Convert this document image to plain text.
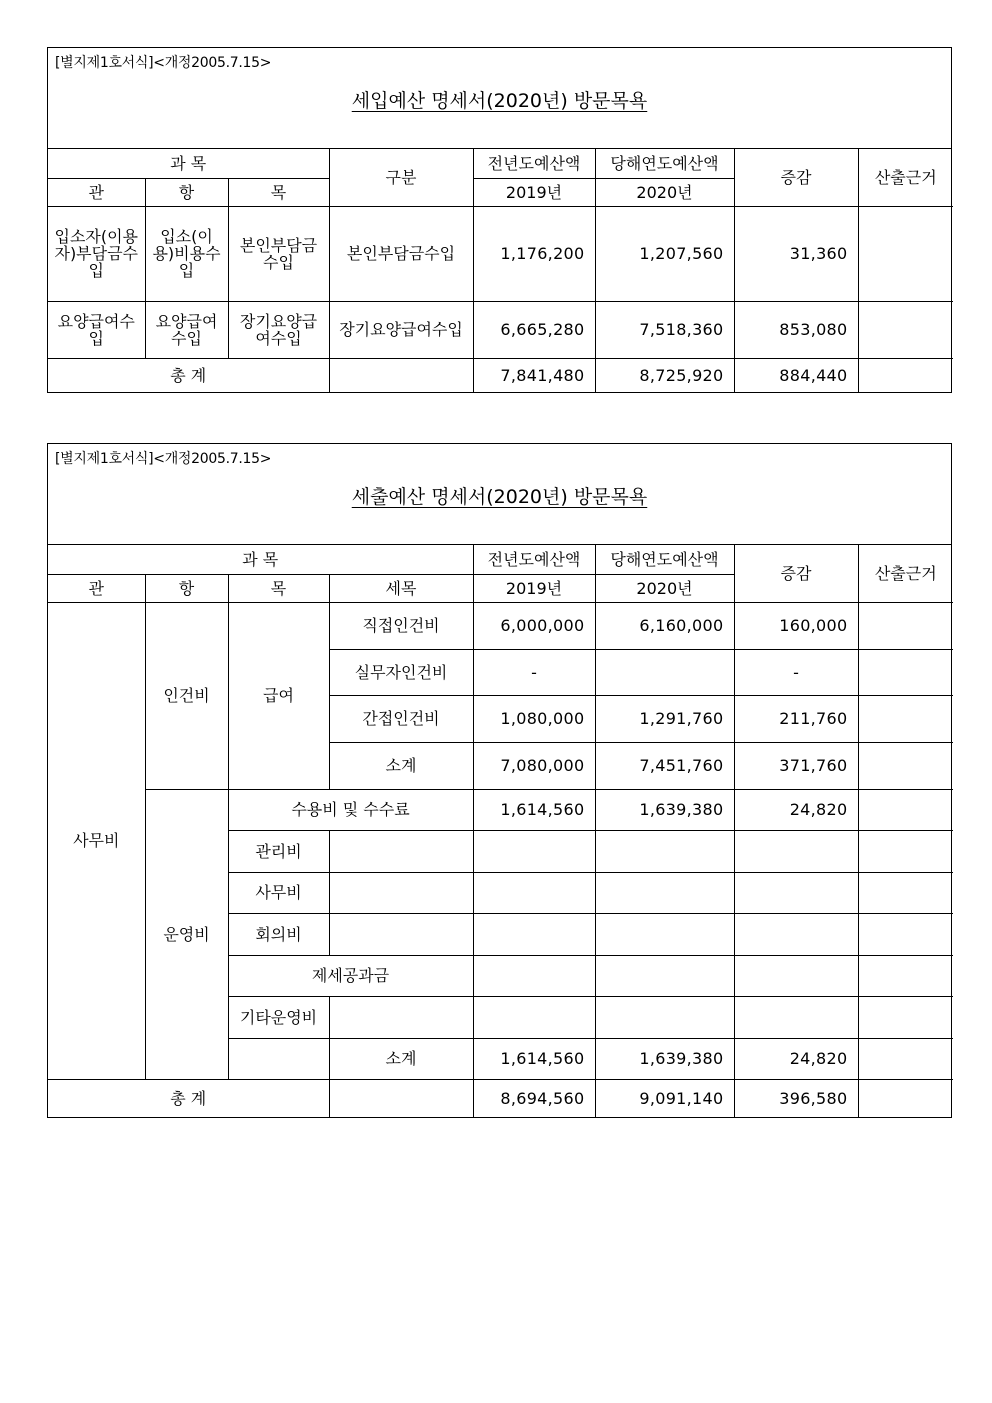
[별지제1호서식]<개정2005.7.15>
세입예산 명세서(2020년) 방문목욕
과 목			구분	전년도예산액	당해연도예산액	증감	산출근거
관	항	목		2019년	2020년		
입소자(이용자)부담금수입	입소(이용)비용수입	본인부담금수입	본인부담금수입	1,176,200	1,207,560	31,360	
요양급여수입	요양급여수입	장기요양급여수입	장기요양급여수입	6,665,280	7,518,360	853,080	
총 계				7,841,480	8,725,920	884,440	
[별지제1호서식]<개정2005.7.15>
세출예산 명세서(2020년) 방문목욕
과 목				전년도예산액	당해연도예산액	증감	산출근거
관	항	목	세목	2019년	2020년		
사무비	인건비	급여	직접인건비	6,000,000	6,160,000	160,000	
			실무자인건비	-		-	
			간접인건비	1,080,000	1,291,760	211,760	
			소계	7,080,000	7,451,760	371,760	
	운영비	수용비 및 수수료		1,614,560	1,639,380	24,820	
		관리비					
		사무비					
		회의비					
		제세공과금					
		기타운영비					
			소계	1,614,560	1,639,380	24,820	
총 계				8,694,560	9,091,140	396,580	
